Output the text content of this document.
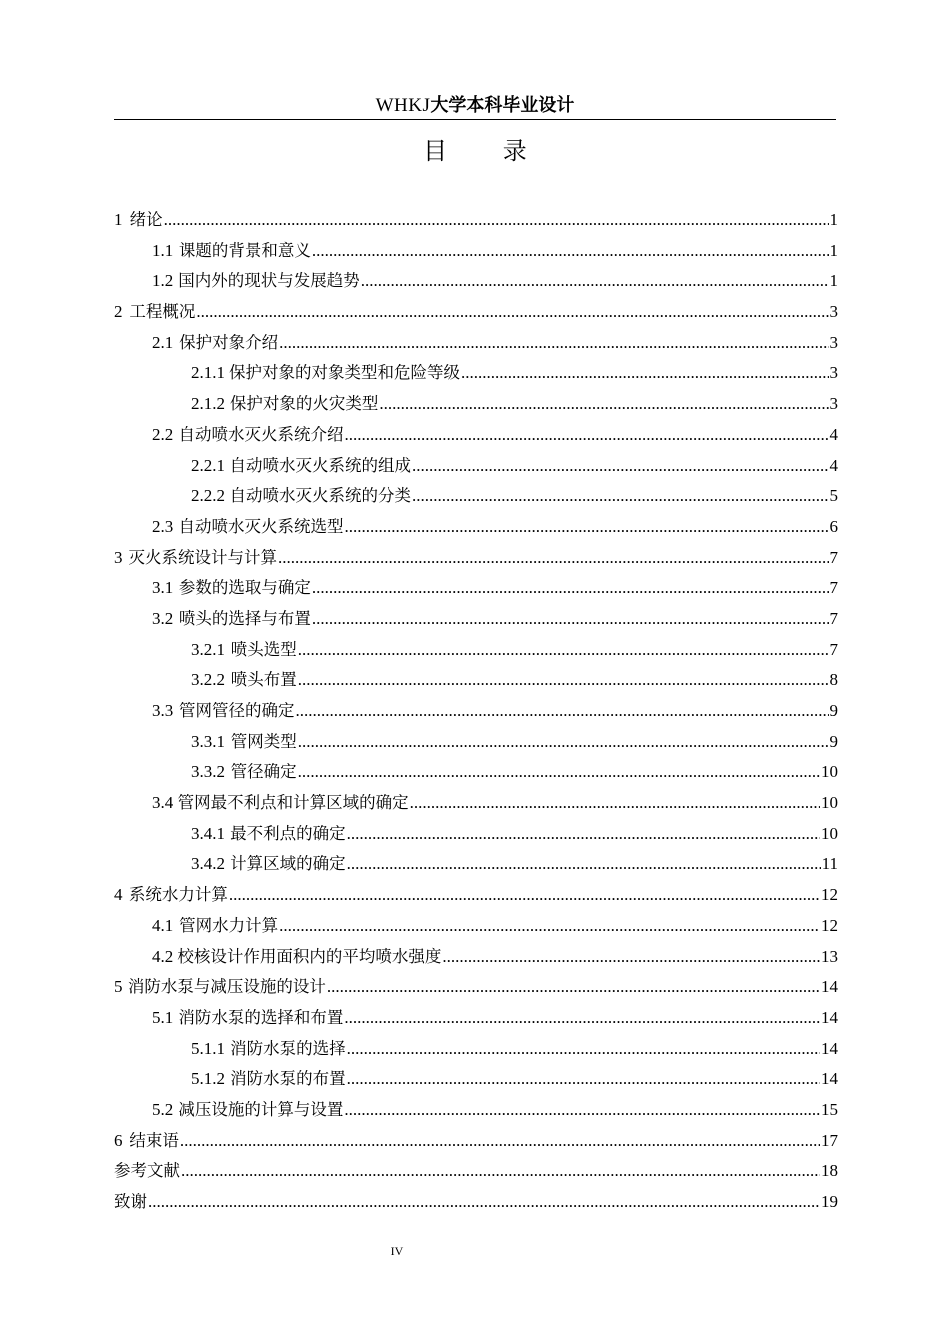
WHKJ大学本科毕业设计
目 录
1 绪论 .....	1
1.1 课题的背景和意义 .....	1
1.2 国内外的现状与发展趋势 .....	1
2 工程概况 .....	3
2.1 保护对象介绍 .....	3
2.1.1 保护对象的对象类型和危险等级 .....	3
2.1.2 保护对象的火灾类型 .....	3
2.2 自动喷水灭火系统介绍 .....	4
2.2.1 自动喷水灭火系统的组成 .....	4
2.2.2 自动喷水灭火系统的分类 .....	5
2.3 自动喷水灭火系统选型 .....	6
3 灭火系统设计与计算 .....	7
3.1 参数的选取与确定 .....	7
3.2 喷头的选择与布置 .....	7
3.2.1 喷头选型 .....	7
3.2.2 喷头布置 .....	8
3.3 管网管径的确定 .....	9
3.3.1 管网类型 .....	9
3.3.2 管径确定 .....	10
3.4 管网最不利点和计算区域的确定 .....	10
3.4.1 最不利点的确定 .....	10
3.4.2 计算区域的确定 .....	11
4 系统水力计算 .....	12
4.1 管网水力计算 .....	12
4.2 校核设计作用面积内的平均喷水强度 .....	13
5 消防水泵与减压设施的设计 .....	14
5.1 消防水泵的选择和布置 .....	14
5.1.1 消防水泵的选择 .....	14
5.1.2 消防水泵的布置 .....	14
5.2 减压设施的计算与设置 .....	15
6 结束语 .....	17
参考文献 .....	18
致谢 .....	19
IV
